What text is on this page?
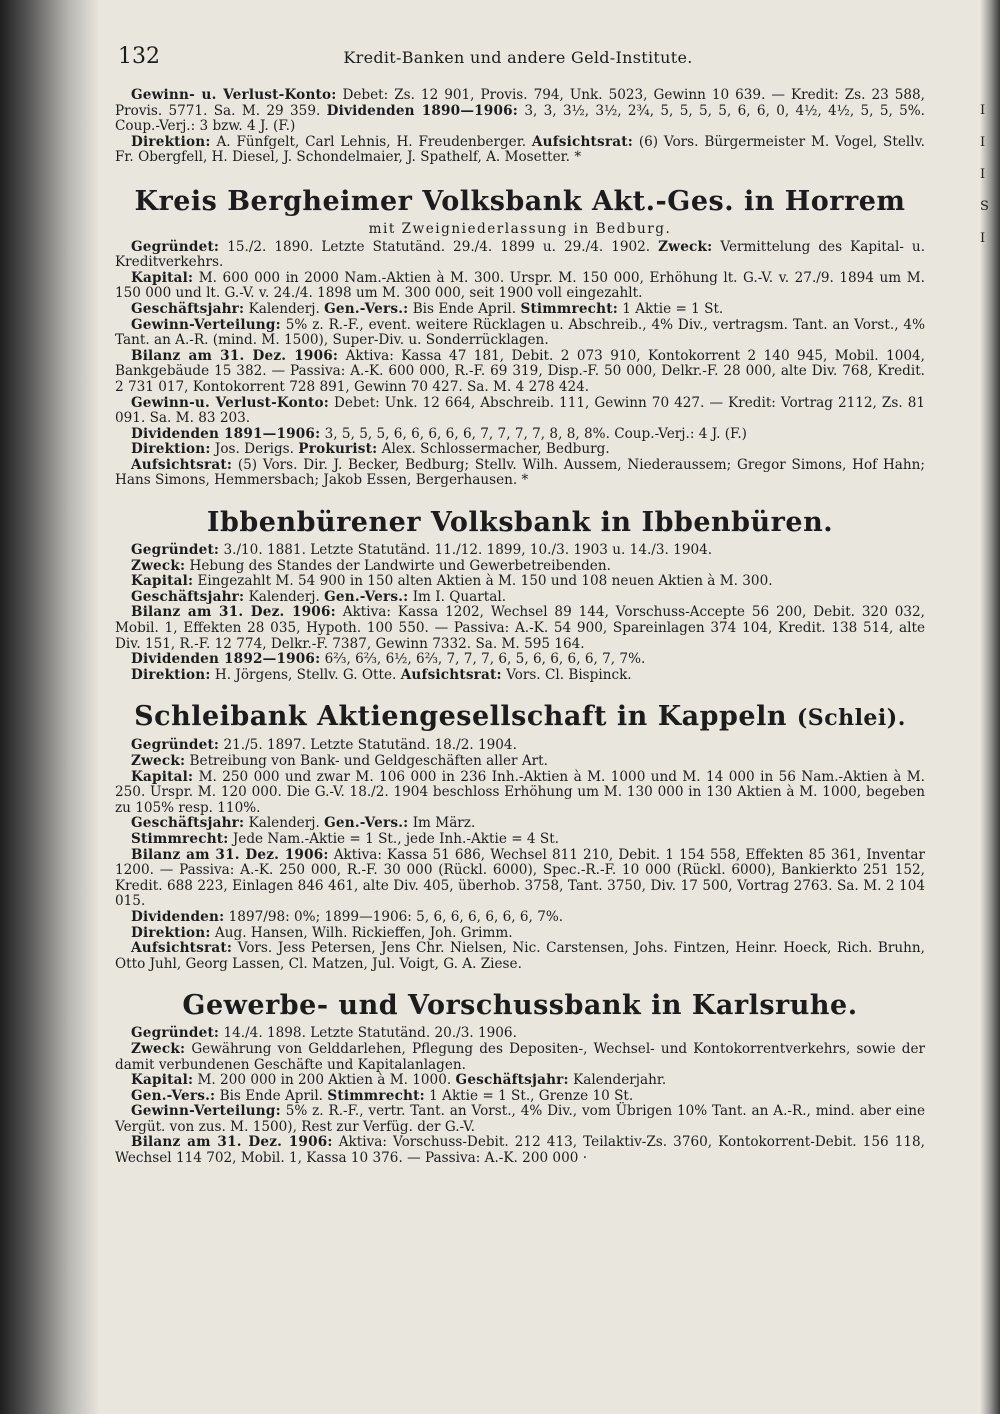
I
I
I
S
I
132	Kredit-Banken und andere Geld-Institute.

Gewinn- u. Verlust-Konto: Debet: Zs. 12 901, Provis. 794, Unk. 5023, Gewinn 10 639. — Kredit: Zs. 23 588, Provis. 5771. Sa. M. 29 359. Dividenden 1890—1906: 3, 3, 3½, 3½, 2¾, 5, 5, 5, 5, 6, 6, 0, 4½, 4½, 5, 5, 5%. Coup.-Verj.: 3 bzw. 4 J. (F.)

Direktion: A. Fünfgelt, Carl Lehnis, H. Freudenberger. Aufsichtsrat: (6) Vors. Bürgermeister M. Vogel, Stellv. Fr. Obergfell, H. Diesel, J. Schondelmaier, J. Spathelf, A. Mosetter. *

Kreis Bergheimer Volksbank Akt.-Ges. in Horrem
mit Zweigniederlassung in Bedburg.

Gegründet: 15./2. 1890. Letzte Statutänd. 29./4. 1899 u. 29./4. 1902. Zweck: Vermittelung des Kapital- u. Kreditverkehrs.

Kapital: M. 600 000 in 2000 Nam.-Aktien à M. 300. Urspr. M. 150 000, Erhöhung lt. G.-V. v. 27./9. 1894 um M. 150 000 und lt. G.-V. v. 24./4. 1898 um M. 300 000, seit 1900 voll eingezahlt.

Geschäftsjahr: Kalenderj. Gen.-Vers.: Bis Ende April. Stimmrecht: 1 Aktie = 1 St.

Gewinn-Verteilung: 5% z. R.-F., event. weitere Rücklagen u. Abschreib., 4% Div., vertragsm. Tant. an Vorst., 4% Tant. an A.-R. (mind. M. 1500), Super-Div. u. Sonderrücklagen.

Bilanz am 31. Dez. 1906: Aktiva: Kassa 47 181, Debit. 2 073 910, Kontokorrent 2 140 945, Mobil. 1004, Bankgebäude 15 382. — Passiva: A.-K. 600 000, R.-F. 69 319, Disp.-F. 50 000, Delkr.-F. 28 000, alte Div. 768, Kredit. 2 731 017, Kontokorrent 728 891, Gewinn 70 427. Sa. M. 4 278 424.

Gewinn-u. Verlust-Konto: Debet: Unk. 12 664, Abschreib. 111, Gewinn 70 427. — Kredit: Vortrag 2112, Zs. 81 091. Sa. M. 83 203.

Dividenden 1891—1906: 3, 5, 5, 5, 6, 6, 6, 6, 6, 7, 7, 7, 7, 8, 8, 8%. Coup.-Verj.: 4 J. (F.)

Direktion: Jos. Derigs. Prokurist: Alex. Schlossermacher, Bedburg.

Aufsichtsrat: (5) Vors. Dir. J. Becker, Bedburg; Stellv. Wilh. Aussem, Niederaussem; Gregor Simons, Hof Hahn; Hans Simons, Hemmersbach; Jakob Essen, Bergerhausen. *

Ibbenbürener Volksbank in Ibbenbüren.

Gegründet: 3./10. 1881. Letzte Statutänd. 11./12. 1899, 10./3. 1903 u. 14./3. 1904.

Zweck: Hebung des Standes der Landwirte und Gewerbetreibenden.

Kapital: Eingezahlt M. 54 900 in 150 alten Aktien à M. 150 und 108 neuen Aktien à M. 300.

Geschäftsjahr: Kalenderj. Gen.-Vers.: Im I. Quartal.

Bilanz am 31. Dez. 1906: Aktiva: Kassa 1202, Wechsel 89 144, Vorschuss-Accepte 56 200, Debit. 320 032, Mobil. 1, Effekten 28 035, Hypoth. 100 550. — Passiva: A.-K. 54 900, Spareinlagen 374 104, Kredit. 138 514, alte Div. 151, R.-F. 12 774, Delkr.-F. 7387, Gewinn 7332. Sa. M. 595 164.

Dividenden 1892—1906: 6⅔, 6⅔, 6½, 6⅔, 7, 7, 7, 6, 5, 6, 6, 6, 6, 7, 7%.

Direktion: H. Jörgens, Stellv. G. Otte. Aufsichtsrat: Vors. Cl. Bispinck.

Schleibank Aktiengesellschaft in Kappeln (Schlei).

Gegründet: 21./5. 1897. Letzte Statutänd. 18./2. 1904.

Zweck: Betreibung von Bank- und Geldgeschäften aller Art.

Kapital: M. 250 000 und zwar M. 106 000 in 236 Inh.-Aktien à M. 1000 und M. 14 000 in 56 Nam.-Aktien à M. 250. Urspr. M. 120 000. Die G.-V. 18./2. 1904 beschloss Erhöhung um M. 130 000 in 130 Aktien à M. 1000, begeben zu 105% resp. 110%.

Geschäftsjahr: Kalenderj. Gen.-Vers.: Im März.

Stimmrecht: Jede Nam.-Aktie = 1 St., jede Inh.-Aktie = 4 St.

Bilanz am 31. Dez. 1906: Aktiva: Kassa 51 686, Wechsel 811 210, Debit. 1 154 558, Effekten 85 361, Inventar 1200. — Passiva: A.-K. 250 000, R.-F. 30 000 (Rückl. 6000), Spec.-R.-F. 10 000 (Rückl. 6000), Bankierkto 251 152, Kredit. 688 223, Einlagen 846 461, alte Div. 405, überhob. 3758, Tant. 3750, Div. 17 500, Vortrag 2763. Sa. M. 2 104 015.

Dividenden: 1897/98: 0%; 1899—1906: 5, 6, 6, 6, 6, 6, 6, 7%.

Direktion: Aug. Hansen, Wilh. Rickieffen, Joh. Grimm.

Aufsichtsrat: Vors. Jess Petersen, Jens Chr. Nielsen, Nic. Carstensen, Johs. Fintzen, Heinr. Hoeck, Rich. Bruhn, Otto Juhl, Georg Lassen, Cl. Matzen, Jul. Voigt, G. A. Ziese.

Gewerbe- und Vorschussbank in Karlsruhe.

Gegründet: 14./4. 1898. Letzte Statutänd. 20./3. 1906.

Zweck: Gewährung von Gelddarlehen, Pflegung des Depositen-, Wechsel- und Kontokorrentverkehrs, sowie der damit verbundenen Geschäfte und Kapitalanlagen.

Kapital: M. 200 000 in 200 Aktien à M. 1000. Geschäftsjahr: Kalenderjahr.

Gen.-Vers.: Bis Ende April. Stimmrecht: 1 Aktie = 1 St., Grenze 10 St.

Gewinn-Verteilung: 5% z. R.-F., vertr. Tant. an Vorst., 4% Div., vom Übrigen 10% Tant. an A.-R., mind. aber eine Vergüt. von zus. M. 1500), Rest zur Verfüg. der G.-V.

Bilanz am 31. Dez. 1906: Aktiva: Vorschuss-Debit. 212 413, Teilaktiv-Zs. 3760, Kontokorrent-Debit. 156 118, Wechsel 114 702, Mobil. 1, Kassa 10 376. — Passiva: A.-K. 200 000 ·
